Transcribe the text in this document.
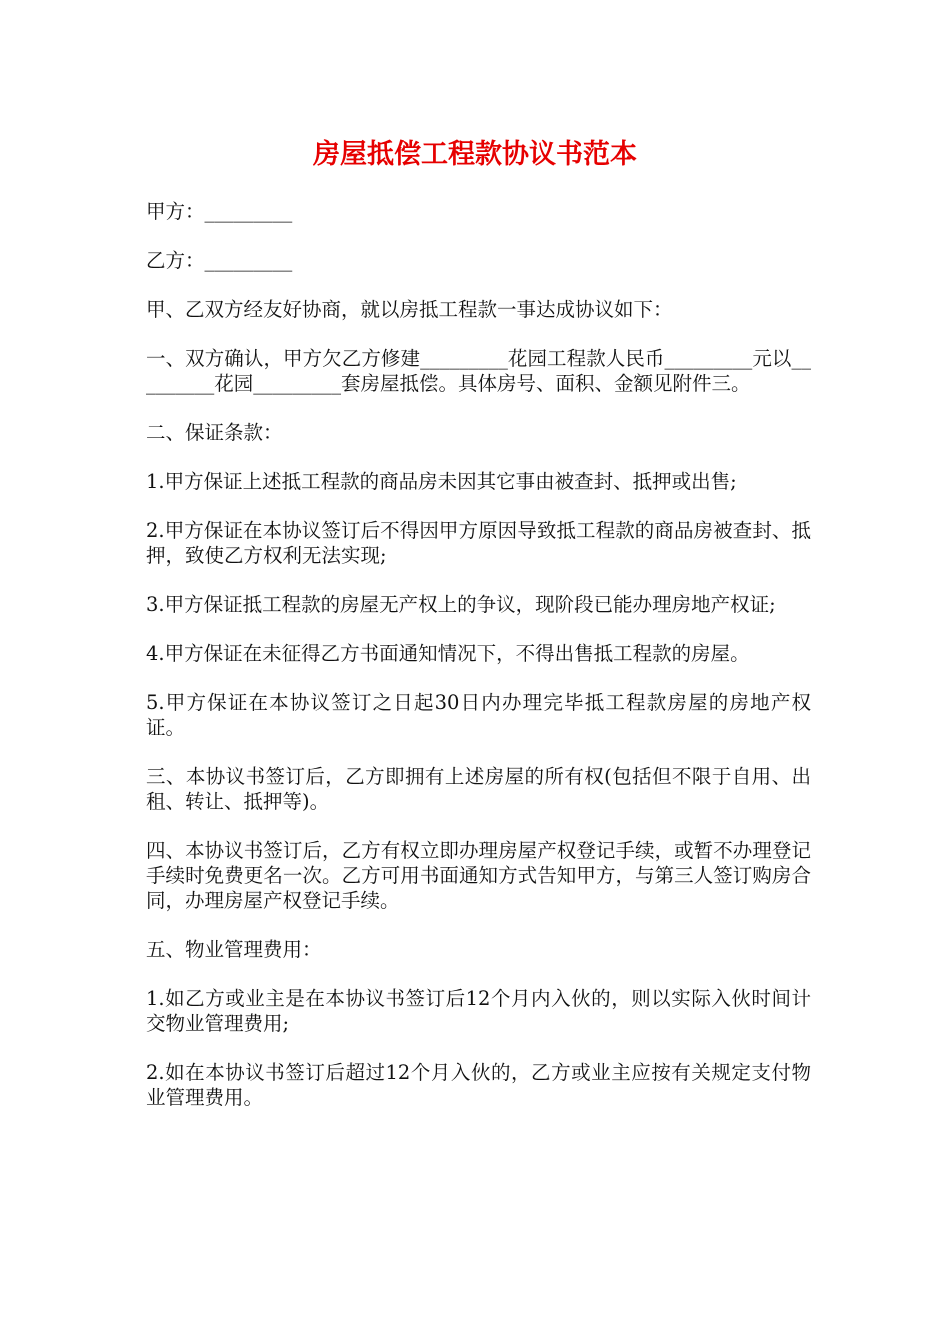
房屋抵偿工程款协议书范本

甲方：_________

乙方：_________

甲、乙双方经友好协商，就以房抵工程款一事达成协议如下：

一、双方确认，甲方欠乙方修建_________花园工程款人民币_________元以_________花园_________套房屋抵偿。具体房号、面积、金额见附件三。

二、保证条款：

1.甲方保证上述抵工程款的商品房未因其它事由被查封、抵押或出售;

2.甲方保证在本协议签订后不得因甲方原因导致抵工程款的商品房被查封、抵押，致使乙方权利无法实现;

3.甲方保证抵工程款的房屋无产权上的争议，现阶段已能办理房地产权证;

4.甲方保证在未征得乙方书面通知情况下，不得出售抵工程款的房屋。

5.甲方保证在本协议签订之日起30日内办理完毕抵工程款房屋的房地产权证。

三、本协议书签订后，乙方即拥有上述房屋的所有权(包括但不限于自用、出租、转让、抵押等)。

四、本协议书签订后，乙方有权立即办理房屋产权登记手续，或暂不办理登记手续时免费更名一次。乙方可用书面通知方式告知甲方，与第三人签订购房合同，办理房屋产权登记手续。

五、物业管理费用：

1.如乙方或业主是在本协议书签订后12个月内入伙的，则以实际入伙时间计交物业管理费用;

2.如在本协议书签订后超过12个月入伙的，乙方或业主应按有关规定支付物业管理费用。
